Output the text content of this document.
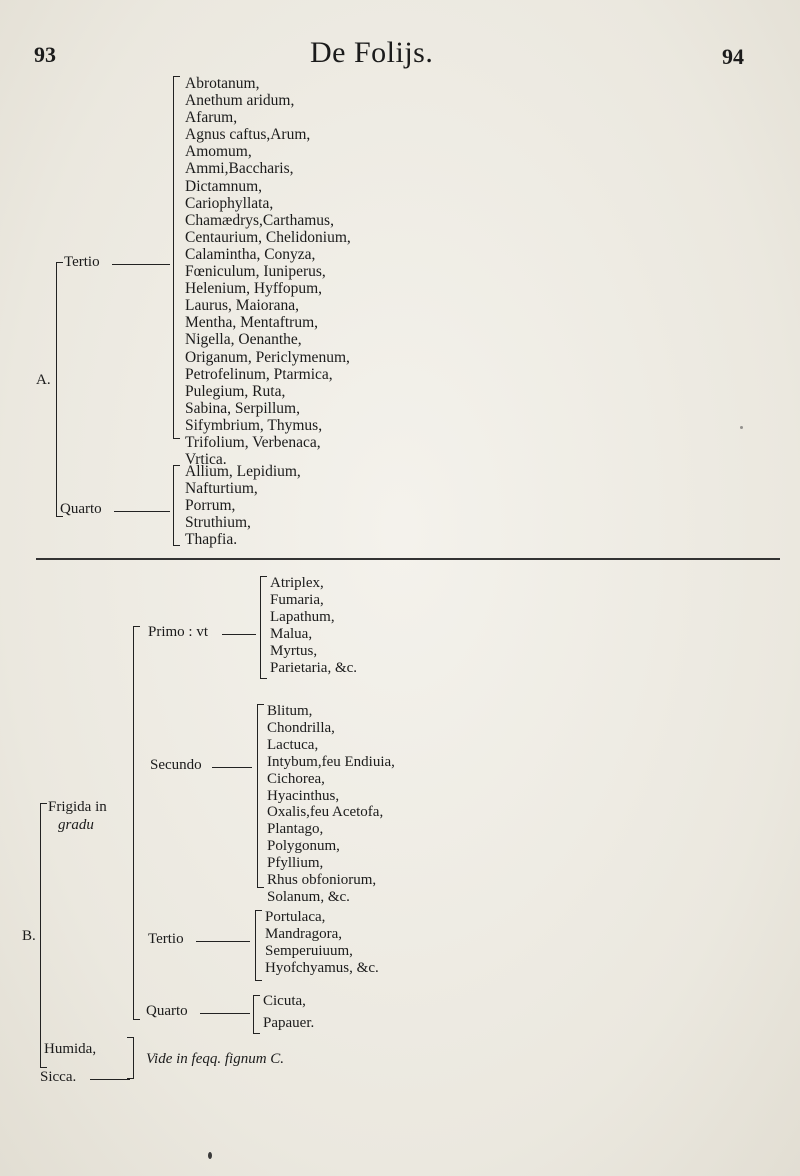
93	De Folijs.	94
A.
Tertio
Abrotanum,
Anethum aridum,
Afarum,
Agnus caftus,Arum,
Amomum,
Ammi,Baccharis,
Dictamnum,
Cariophyllata,
Chamædrys,Carthamus,
Centaurium, Chelidonium,
Calamintha, Conyza,
Fœniculum, Iuniperus,
Helenium, Hyffopum,
Laurus, Maiorana,
Mentha, Mentaftrum,
Nigella, Oenanthe,
Origanum, Periclymenum,
Petrofelinum, Ptarmica,
Pulegium, Ruta,
Sabina, Serpillum,
Sifymbrium, Thymus,
Trifolium, Verbenaca,
Vrtica.
Quarto
Allium, Lepidium,
Nafturtium,
Porrum,
Struthium,
Thapfia.
B.
Frigida in
gradu
Primo : vt
Atriplex,
Fumaria,
Lapathum,
Malua,
Myrtus,
Parietaria, &c.
Secundo
Blitum,
Chondrilla,
Lactuca,
Intybum,feu Endiuia,
Cichorea,
Hyacinthus,
Oxalis,feu Acetofa,
Plantago,
Polygonum,
Pfyllium,
Rhus obfoniorum,
Solanum, &c.
Tertio
Portulaca,
Mandragora,
Semperuiuum,
Hyofchyamus, &c.
Quarto
Cicuta,
Papauer.
Humida,
Sicca.
Vide in feqq. fignum C.
